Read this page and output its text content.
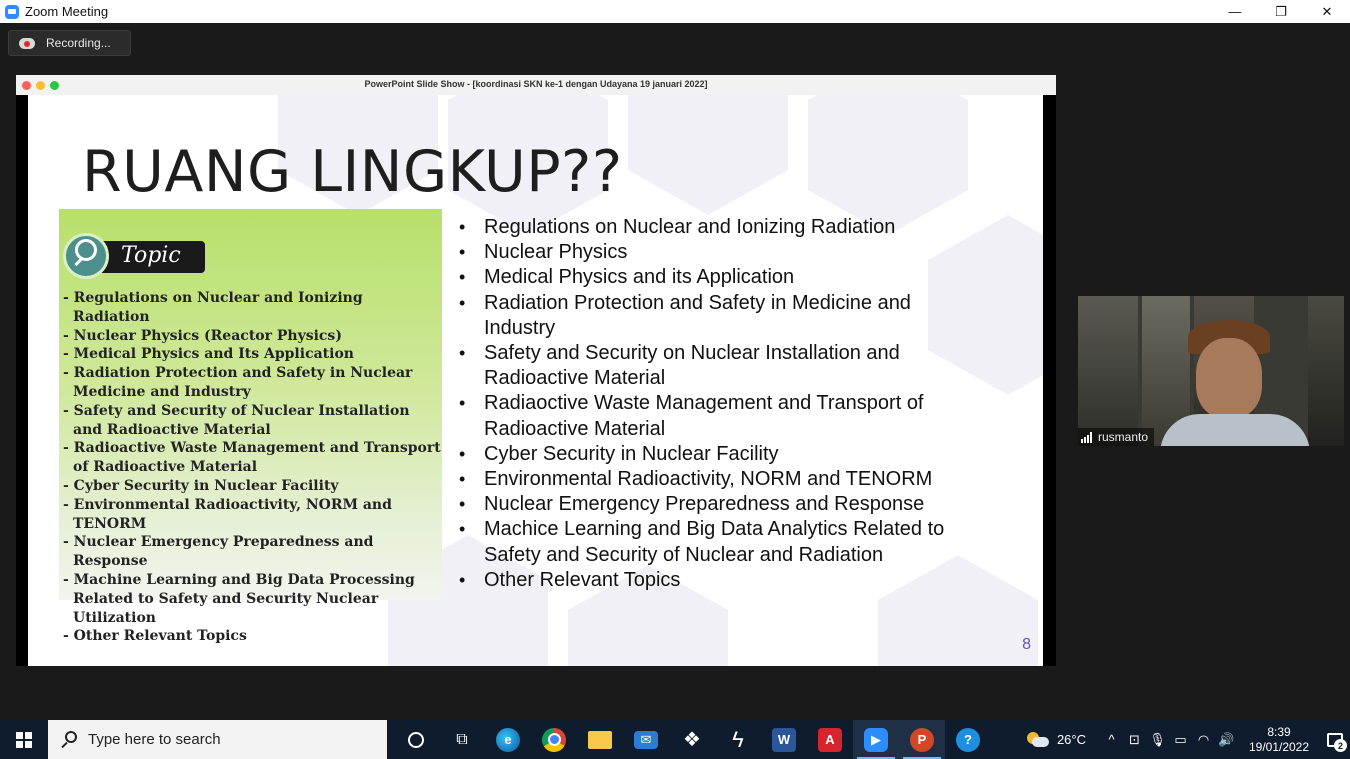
Zoom Meeting	—	❐	✕
Recording...
PowerPoint Slide Show - [koordinasi SKN ke-1 dengan Udayana 19 januari 2022]
RUANG LINGKUP??
Topic
- Regulations on Nuclear and Ionizing Radiation
- Nuclear Physics (Reactor Physics)
- Medical Physics and Its Application
- Radiation Protection and Safety in Nuclear
Medicine and Industry
- Safety and Security of Nuclear Installation
and Radioactive Material
- Radioactive Waste Management and Transport
of Radioactive Material
- Cyber Security in Nuclear Facility
- Environmental Radioactivity, NORM and
TENORM
- Nuclear Emergency Preparedness and Response
- Machine Learning and Big Data Processing
Related to Safety and Security Nuclear Utilization
- Other Relevant Topics
• Regulations on Nuclear and Ionizing Radiation
• Nuclear Physics
• Medical Physics and its Application
• Radiation Protection and Safety in Medicine and
Industry
• Safety and Security on Nuclear Installation and
Radioactive Material
• Radiaoctive Waste Management and Transport of
Radioactive Material
• Cyber Security in Nuclear Facility
• Environmental Radioactivity, NORM and TENORM
• Nuclear Emergency Preparedness and Response
• Machice Learning and Big Data Analytics Related to
Safety and Security of Nuclear and Radiation
• Other Relevant Topics
8
rusmanto
Type here to search	⧉	e	✉	❖ ϟ	W	A	▶	P	?	26°C	^	⊡ 🎙 ▭ ◠ 🔊	8:39
19/01/2022	2
